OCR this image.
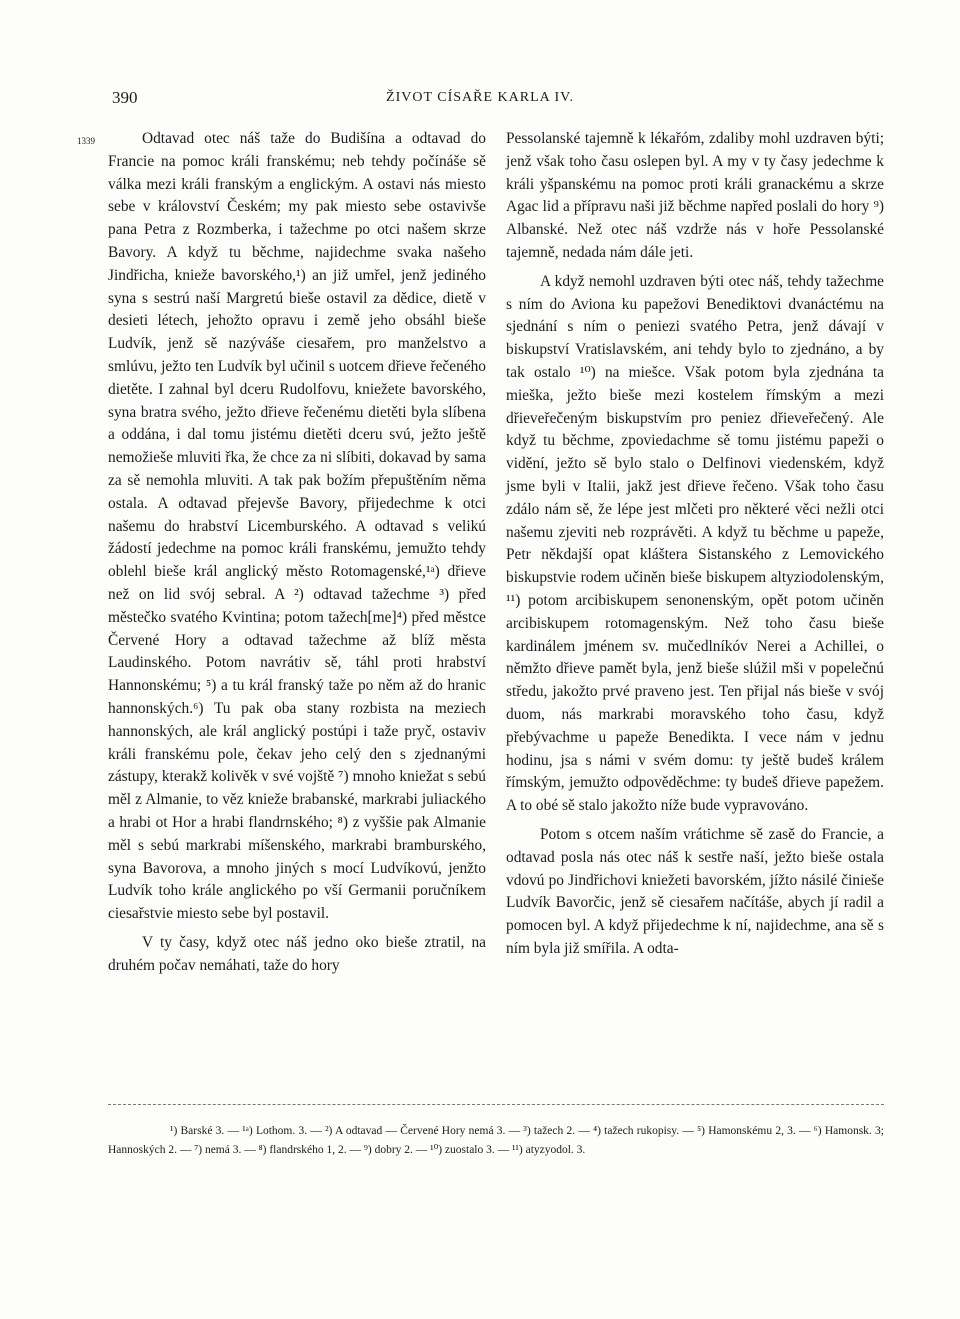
390	ŽIVOT CÍSAŘE KARLA IV.
1339	Odtavad otec náš taže do Budišína a odtavad do Francie na pomoc králi franskému; neb tehdy počínáše sě válka mezi králi franským a englickým. A ostavi nás miesto sebe v království Českém; my pak miesto sebe ostavivše pana Petra z Rozmberka, i tažechme po otci našem skrze Bavory. A když tu běchme, najidechme svaka našeho Jindřicha, knieže bavorského,¹) an již umřel, jenž jediného syna s sestrú naší Margretú bieše ostavil za dědice, dietě v desieti létech, jehožto opravu i země jeho obsáhl bieše Ludvík, jenž sě nazýváše ciesařem, pro manželstvo a smlúvu, ježto ten Ludvík byl učinil s uotcem dřieve řečeného dietěte. I zahnal byl dceru Rudolfovu, kniežete bavorského, syna bratra svého, ježto dřieve řečenému dietěti byla slíbena a oddána, i dal tomu jistému dietěti dceru svú, ježto ještě nemožieše mluviti řka, že chce za ni slíbiti, dokavad by sama za sě nemohla mluviti. A tak pak božím přepuštěním něma ostala. A odtavad přejevše Bavory, přijedechme k otci našemu do hrabství Licemburského. A odtavad s velikú žádostí jedechme na pomoc králi franskému, jemužto tehdy oblehl bieše král anglický město Rotomagenské,¹ᵃ) dřieve než on lid svój sebral. A ²) odtavad tažechme ³) před městečko svatého Kvintina; potom tažech[me]⁴) před městce Červené Hory a odtavad tažechme až blíž města Laudinského. Potom navrátiv sě, táhl proti hrabství Hannonskému; ⁵) a tu král franský taže po něm až do hranic hannonských.⁶) Tu pak oba stany rozbista na meziech hannonských, ale král anglický postúpi i taže pryč, ostaviv králi franskému pole, čekav jeho celý den s zjednanými zástupy, kterakž kolivěk v své vojště ⁷) mnoho kniežat s sebú měl z Almanie, to věz knieže brabanské, markrabi juliackého a hrabi ot Hor a hrabi flandrnského; ⁸) z vyššie pak Almanie měl s sebú markrabi míšenského, markrabi bramburského, syna Bavorova, a mnoho jiných s mocí Ludvíkovú, jenžto Ludvík toho krále anglického po vší Germanii poručníkem ciesařstvie miesto sebe byl postavil.

V ty časy, když otec náš jedno oko bieše ztratil, na druhém počav nemáhati, taže do hory

Pessolanské tajemně k lékařóm, zdaliby mohl uzdraven býti; jenž však toho času oslepen byl. A my v ty časy jedechme k králi yšpanskému na pomoc proti králi granackému a skrze Agac lid a přípravu naši již běchme napřed poslali do hory ⁹) Albanské. Než otec náš vzdrže nás v hoře Pessolanské tajemně, nedada nám dále jeti.

A když nemohl uzdraven býti otec náš, tehdy tažechme s ním do Aviona ku papežovi Benediktovi dvanáctému na sjednání s ním o peniezi svatého Petra, jenž dávají v biskupství Vratislavském, ani tehdy bylo to zjednáno, a by tak ostalo ¹⁰) na miešce. Však potom byla zjednána ta mieška, ježto bieše mezi kostelem římským a mezi dřieveřečeným biskupstvím pro peniez dřieveřečený. Ale když tu běchme, zpoviedachme sě tomu jistému papeži o vidění, ježto sě bylo stalo o Delfinovi viedenském, když jsme byli v Italii, jakž jest dřieve řečeno. Však toho času zdálo nám sě, že lépe jest mlčeti pro některé věci nežli otci našemu zjeviti neb rozprávěti. A když tu běchme u papeže, Petr někdajší opat kláštera Sistanského z Lemovického biskupstvie rodem učiněn bieše biskupem altyziodolenským, ¹¹) potom arcibiskupem senonenským, opět potom učiněn arcibiskupem rotomagenským. Než toho času bieše kardinálem jménem sv. mučedlníkóv Nerei a Achillei, o němžto dřieve pamět byla, jenž bieše slúžil mši v popelečnú středu, jakožto prvé praveno jest. Ten přijal nás bieše v svój duom, nás markrabi moravského toho času, když přebývachme u papeže Benedikta. I vece nám v jednu hodinu, jsa s námi v svém domu: ty ještě budeš králem římským, jemužto odpověděchme: ty budeš dřieve papežem. A to obé sě stalo jakožto níže bude vypravováno.

Potom s otcem naším vrátichme sě zasě do Francie, a odtavad posla nás otec náš k sestře naší, ježto bieše ostala vdovú po Jindřichovi kniežeti bavorském, jížto násilé činieše Ludvík Bavorčic, jenž sě ciesařem načítáše, abych jí radil a pomocen byl. A když přijedechme k ní, najidechme, ana sě s ním byla již smířila. A odta-

¹) Barské 3. — ¹ᵃ) Lothom. 3. — ²) A odtavad — Červené Hory nemá 3. — ³) tažech 2. — ⁴) tažech rukopisy. — ⁵) Hamonskému 2, 3. — ⁶) Hamonsk. 3; Hannoských 2. — ⁷) nemá 3. — ⁸) flandrského 1, 2. — ⁹) dobry 2. — ¹⁰) zuostalo 3. — ¹¹) atyzyodol. 3.
